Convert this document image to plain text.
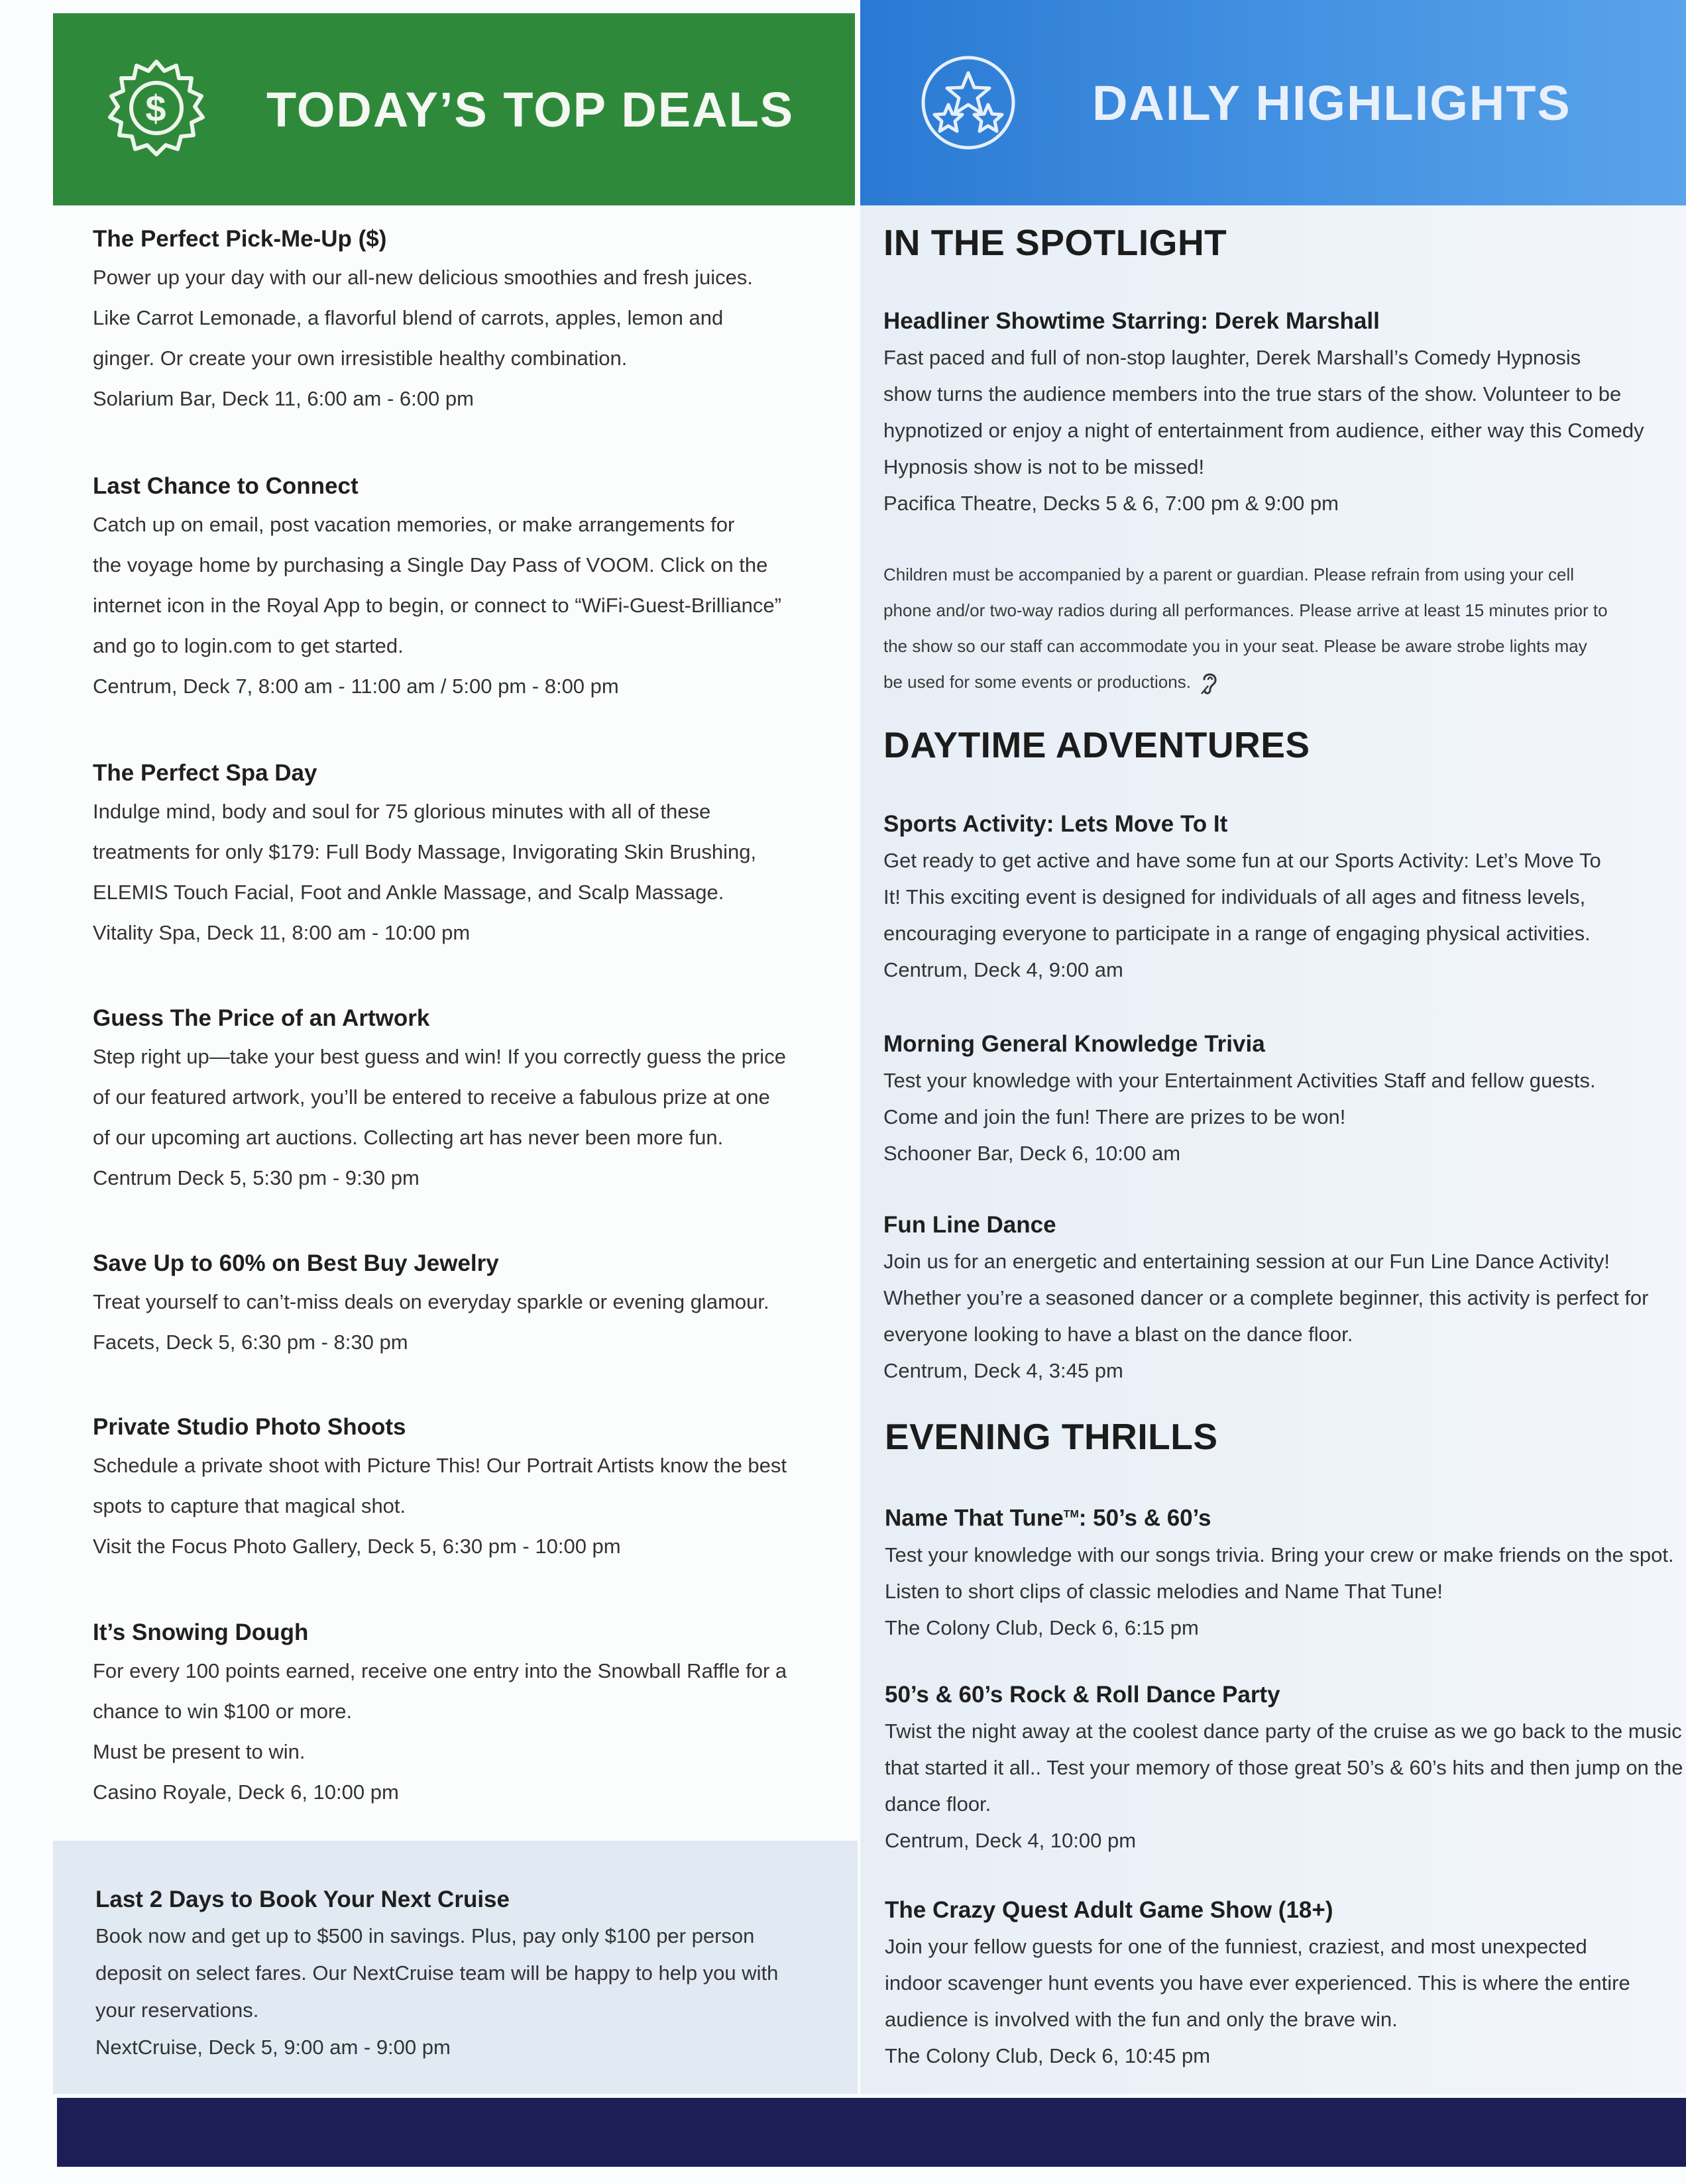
$ TODAY’S TOP DEALS	DAILY HIGHLIGHTS
The Perfect Pick-Me-Up ($)
Power up your day with our all-new delicious smoothies and fresh juices.
Like Carrot Lemonade, a flavorful blend of carrots, apples, lemon and
ginger. Or create your own irresistible healthy combination.
Solarium Bar, Deck 11, 6:00 am - 6:00 pm
Last Chance to Connect
Catch up on email, post vacation memories, or make arrangements for
the voyage home by purchasing a Single Day Pass of VOOM. Click on the
internet icon in the Royal App to begin, or connect to “WiFi-Guest-Brilliance”
and go to login.com to get started.
Centrum, Deck 7, 8:00 am - 11:00 am / 5:00 pm - 8:00 pm
The Perfect Spa Day
Indulge mind, body and soul for 75 glorious minutes with all of these
treatments for only $179: Full Body Massage, Invigorating Skin Brushing,
ELEMIS Touch Facial, Foot and Ankle Massage, and Scalp Massage.
Vitality Spa, Deck 11, 8:00 am - 10:00 pm
Guess The Price of an Artwork
Step right up—take your best guess and win! If you correctly guess the price
of our featured artwork, you’ll be entered to receive a fabulous prize at one
of our upcoming art auctions. Collecting art has never been more fun.
Centrum Deck 5, 5:30 pm - 9:30 pm
Save Up to 60% on Best Buy Jewelry
Treat yourself to can’t-miss deals on everyday sparkle or evening glamour.
Facets, Deck 5, 6:30 pm - 8:30 pm
Private Studio Photo Shoots
Schedule a private shoot with Picture This! Our Portrait Artists know the best
spots to capture that magical shot.
Visit the Focus Photo Gallery, Deck 5, 6:30 pm - 10:00 pm
It’s Snowing Dough
For every 100 points earned, receive one entry into the Snowball Raffle for a
chance to win $100 or more.
Must be present to win.
Casino Royale, Deck 6, 10:00 pm
Last 2 Days to Book Your Next Cruise
Book now and get up to $500 in savings. Plus, pay only $100 per person
deposit on select fares. Our NextCruise team will be happy to help you with
your reservations.
NextCruise, Deck 5, 9:00 am - 9:00 pm
IN THE SPOTLIGHT
Headliner Showtime Starring: Derek Marshall
Fast paced and full of non-stop laughter, Derek Marshall’s Comedy Hypnosis
show turns the audience members into the true stars of the show. Volunteer to be
hypnotized or enjoy a night of entertainment from audience, either way this Comedy
Hypnosis show is not to be missed!
Pacifica Theatre, Decks 5 & 6, 7:00 pm & 9:00 pm
Children must be accompanied by a parent or guardian. Please refrain from using your cell
phone and/or two-way radios during all performances. Please arrive at least 15 minutes prior to
the show so our staff can accommodate you in your seat. Please be aware strobe lights may
be used for some events or productions.
DAYTIME ADVENTURES
Sports Activity: Lets Move To It
Get ready to get active and have some fun at our Sports Activity: Let’s Move To
It! This exciting event is designed for individuals of all ages and fitness levels,
encouraging everyone to participate in a range of engaging physical activities.
Centrum, Deck 4, 9:00 am
Morning General Knowledge Trivia
Test your knowledge with your Entertainment Activities Staff and fellow guests.
Come and join the fun! There are prizes to be won!
Schooner Bar, Deck 6, 10:00 am
Fun Line Dance
Join us for an energetic and entertaining session at our Fun Line Dance Activity!
Whether you’re a seasoned dancer or a complete beginner, this activity is perfect for
everyone looking to have a blast on the dance floor.
Centrum, Deck 4, 3:45 pm
EVENING THRILLS
Name That Tune™: 50’s & 60’s
Test your knowledge with our songs trivia. Bring your crew or make friends on the spot.
Listen to short clips of classic melodies and Name That Tune!
The Colony Club, Deck 6, 6:15 pm
50’s & 60’s Rock & Roll Dance Party
Twist the night away at the coolest dance party of the cruise as we go back to the music
that started it all.. Test your memory of those great 50’s & 60’s hits and then jump on the
dance floor.
Centrum, Deck 4, 10:00 pm
The Crazy Quest Adult Game Show (18+)
Join your fellow guests for one of the funniest, craziest, and most unexpected
indoor scavenger hunt events you have ever experienced. This is where the entire
audience is involved with the fun and only the brave win.
The Colony Club, Deck 6, 10:45 pm
